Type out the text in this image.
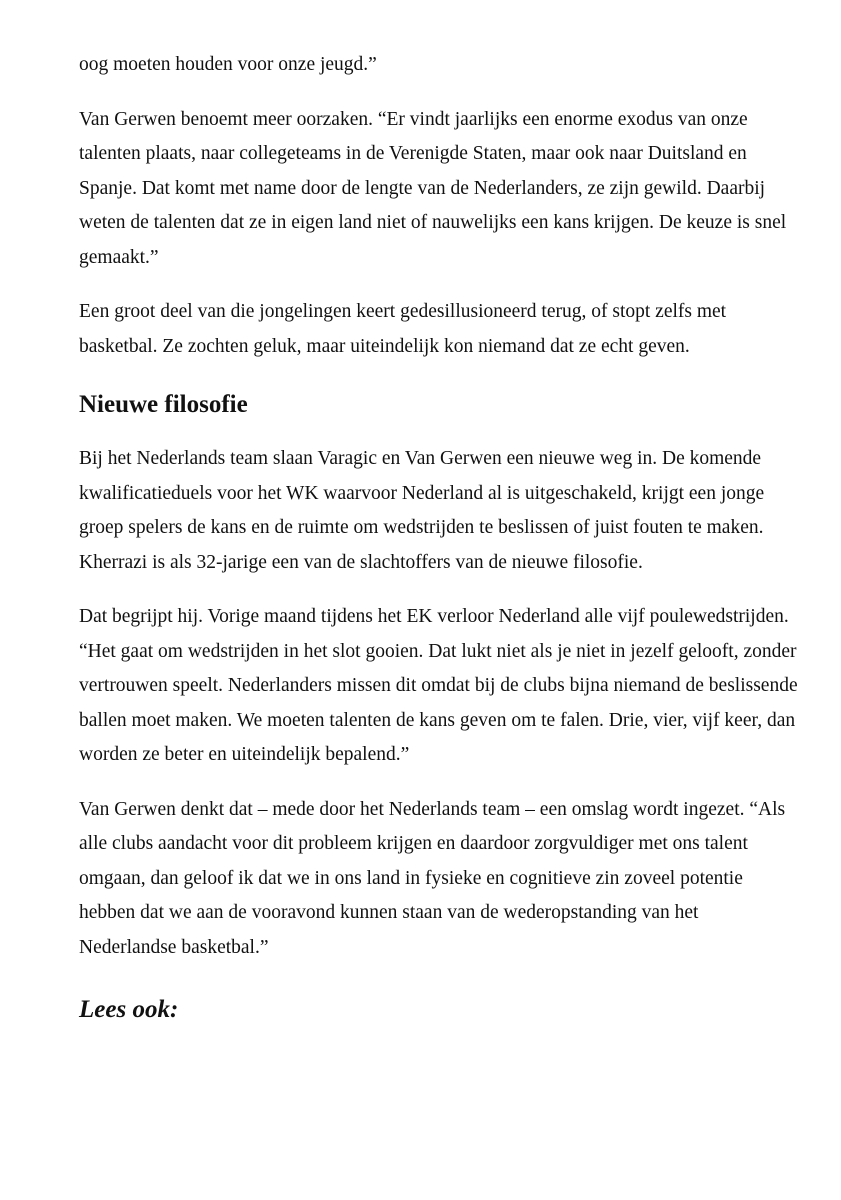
oog moeten houden voor onze jeugd.”

Van Gerwen benoemt meer oorzaken. “Er vindt jaarlijks een enorme exodus van onze talenten plaats, naar collegeteams in de Verenigde Staten, maar ook naar Duitsland en Spanje. Dat komt met name door de lengte van de Nederlanders, ze zijn gewild. Daarbij weten de talenten dat ze in eigen land niet of nauwelijks een kans krijgen. De keuze is snel gemaakt.”

Een groot deel van die jongelingen keert gedesillusioneerd terug, of stopt zelfs met basketbal. Ze zochten geluk, maar uiteindelijk kon niemand dat ze echt geven.

Nieuwe filosofie

Bij het Nederlands team slaan Varagic en Van Gerwen een nieuwe weg in. De komende kwalificatieduels voor het WK waarvoor Nederland al is uitgeschakeld, krijgt een jonge groep spelers de kans en de ruimte om wedstrijden te beslissen of juist fouten te maken. Kherrazi is als 32-jarige een van de slachtoffers van de nieuwe filosofie.

Dat begrijpt hij. Vorige maand tijdens het EK verloor Nederland alle vijf poulewedstrijden. “Het gaat om wedstrijden in het slot gooien. Dat lukt niet als je niet in jezelf gelooft, zonder vertrouwen speelt. Nederlanders missen dit omdat bij de clubs bijna niemand de beslissende ballen moet maken. We moeten talenten de kans geven om te falen. Drie, vier, vijf keer, dan worden ze beter en uiteindelijk bepalend.”

Van Gerwen denkt dat – mede door het Nederlands team – een omslag wordt ingezet. “Als alle clubs aandacht voor dit probleem krijgen en daardoor zorgvuldiger met ons talent omgaan, dan geloof ik dat we in ons land in fysieke en cognitieve zin zoveel potentie hebben dat we aan de vooravond kunnen staan van de wederopstanding van het Nederlandse basketbal.”

Lees ook:
